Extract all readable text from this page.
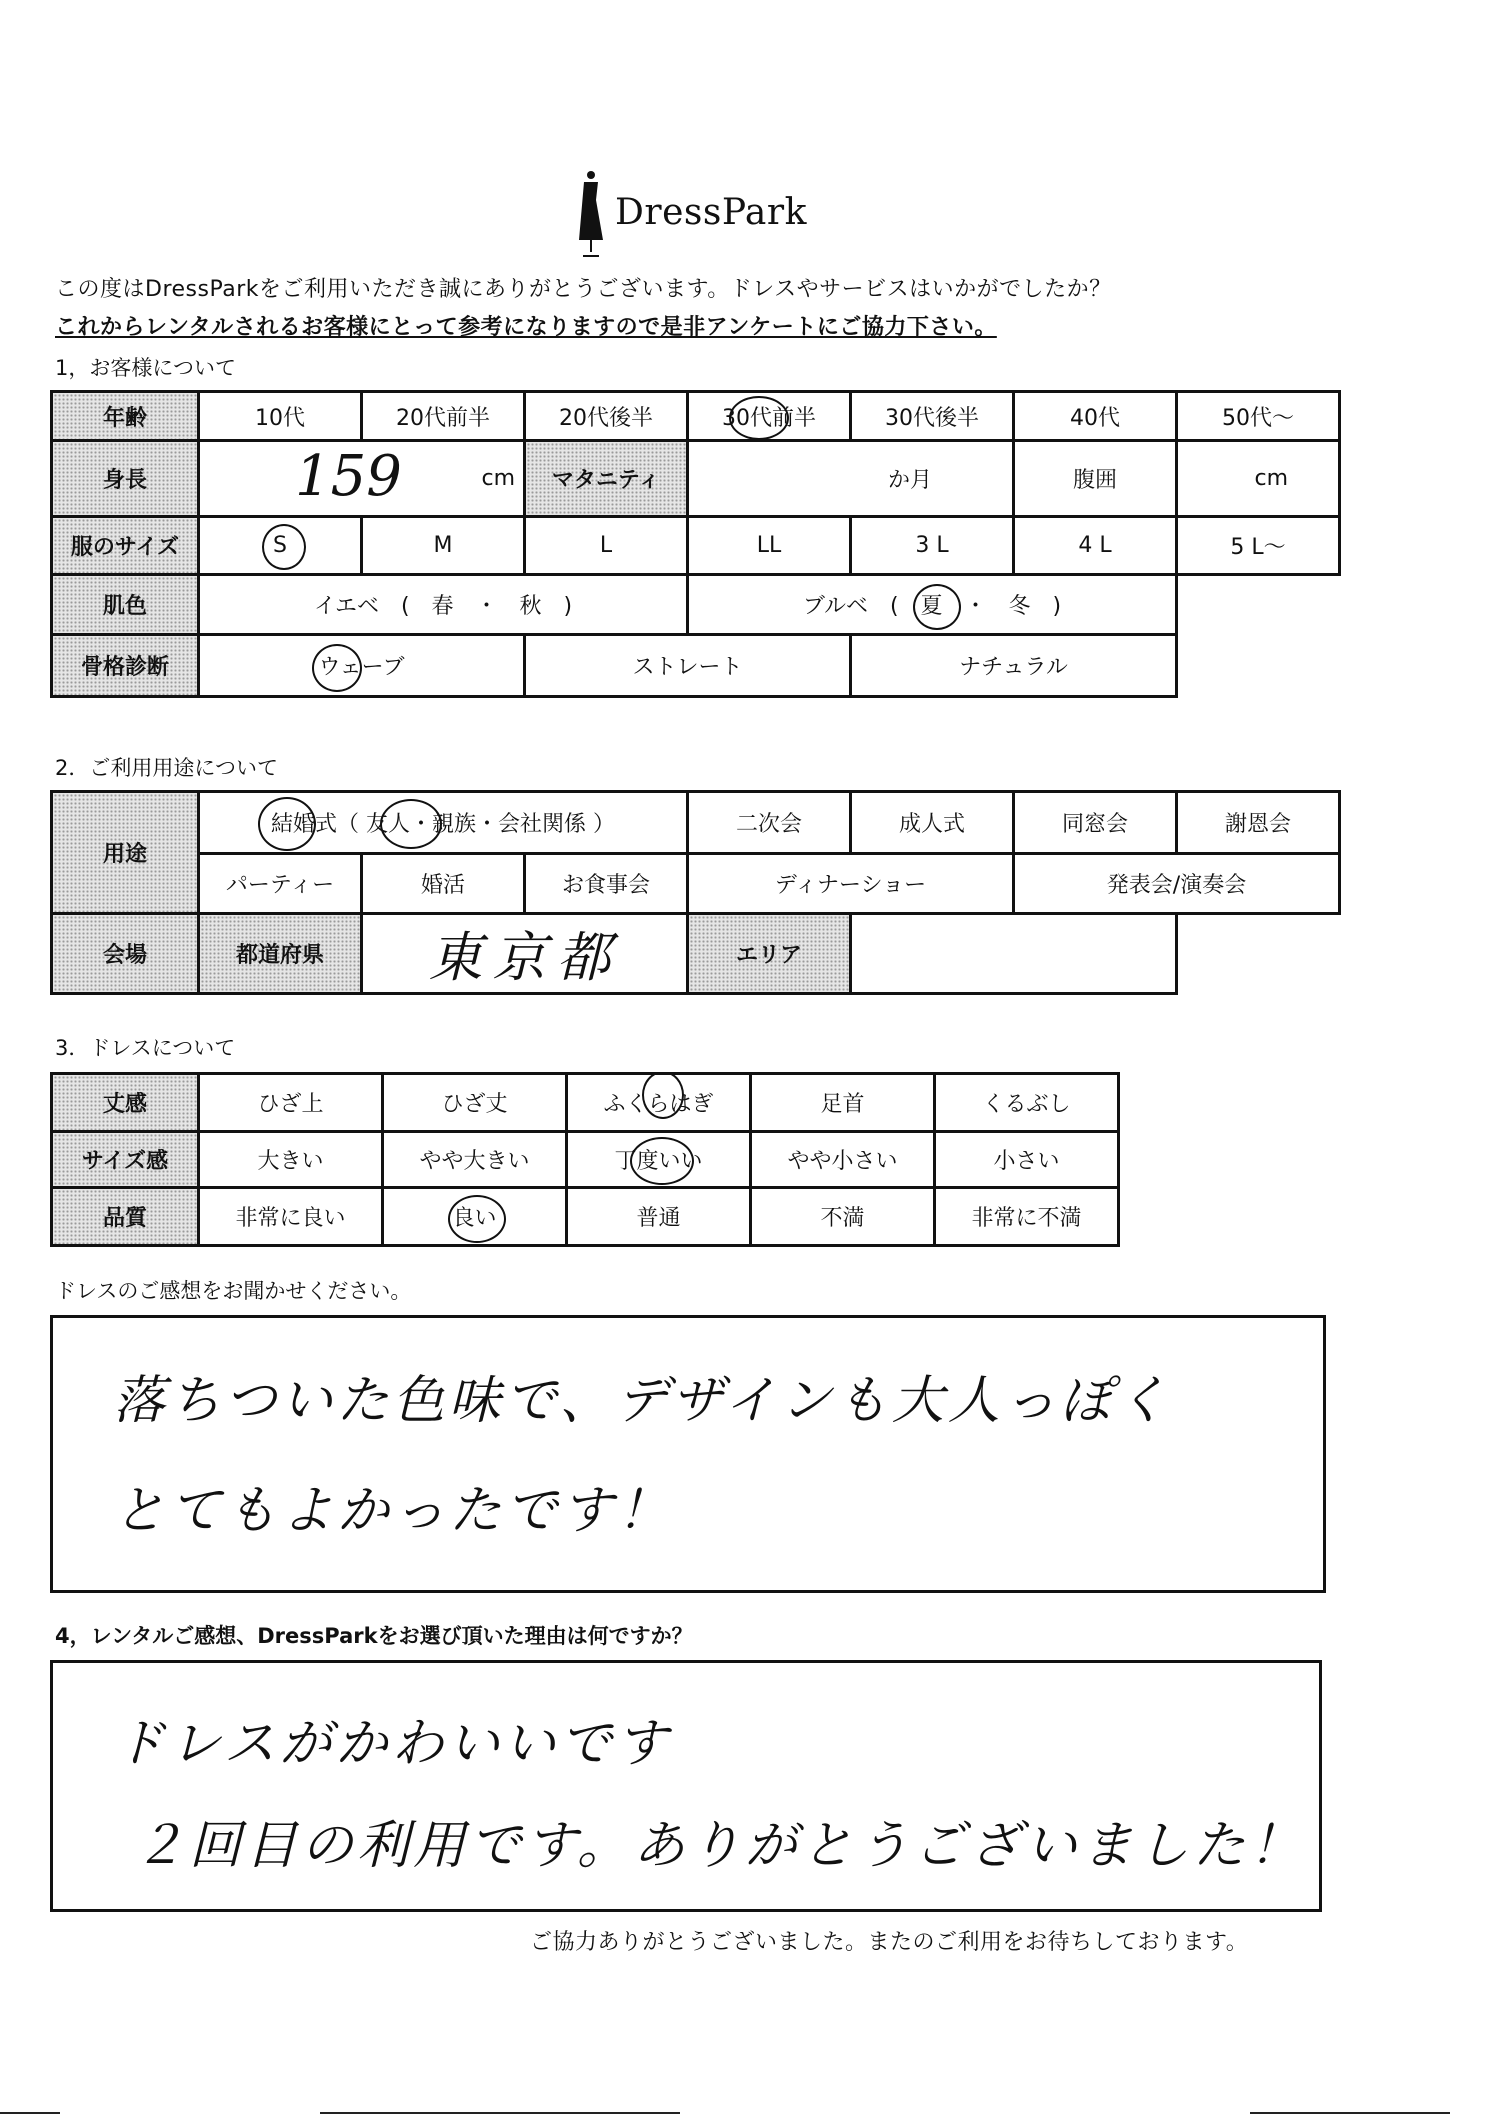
DressPark
この度はDressParkをご利用いただき誠にありがとうございます。ドレスやサービスはいかがでしたか？
これからレンタルされるお客様にとって参考になりますので是非アンケートにご協力下さい。
1，お客様について
年齢	10代	20代前半	20代後半	30代前半	30代後半	40代	50代～
身長	159 cm		マタニティ	か月		腹囲	cm
服のサイズ	S	M	L	LL	3 L	4 L	5 L～
肌色	イエベ　(　春　・　秋　)			ブルベ　(　夏　・　冬　)		

骨格診断	ウェーブ		ストレート		ナチュラル		
2．ご利用用途について
用途	結婚式（ 友人・親族・会社関係 ）			二次会	成人式	同窓会	謝恩会
	パーティー	婚活	お食事会	ディナーショー		発表会/演奏会	
会場	都道府県	東京都		エリア			
3．ドレスについて
丈感	ひざ上	ひざ丈	ふくらはぎ	足首	くるぶし
サイズ感	大きい	やや大きい	丁度いい	やや小さい	小さい
品質	非常に良い	良い	普通	不満	非常に不満
ドレスのご感想をお聞かせください。
落ちついた色味で、デザインも大人っぽく
とてもよかったです！
4，レンタルご感想、DressParkをお選び頂いた理由は何ですか？
ドレスがかわいいです
２回目の利用です。ありがとうございました！
ご協力ありがとうございました。またのご利用をお待ちしております。
